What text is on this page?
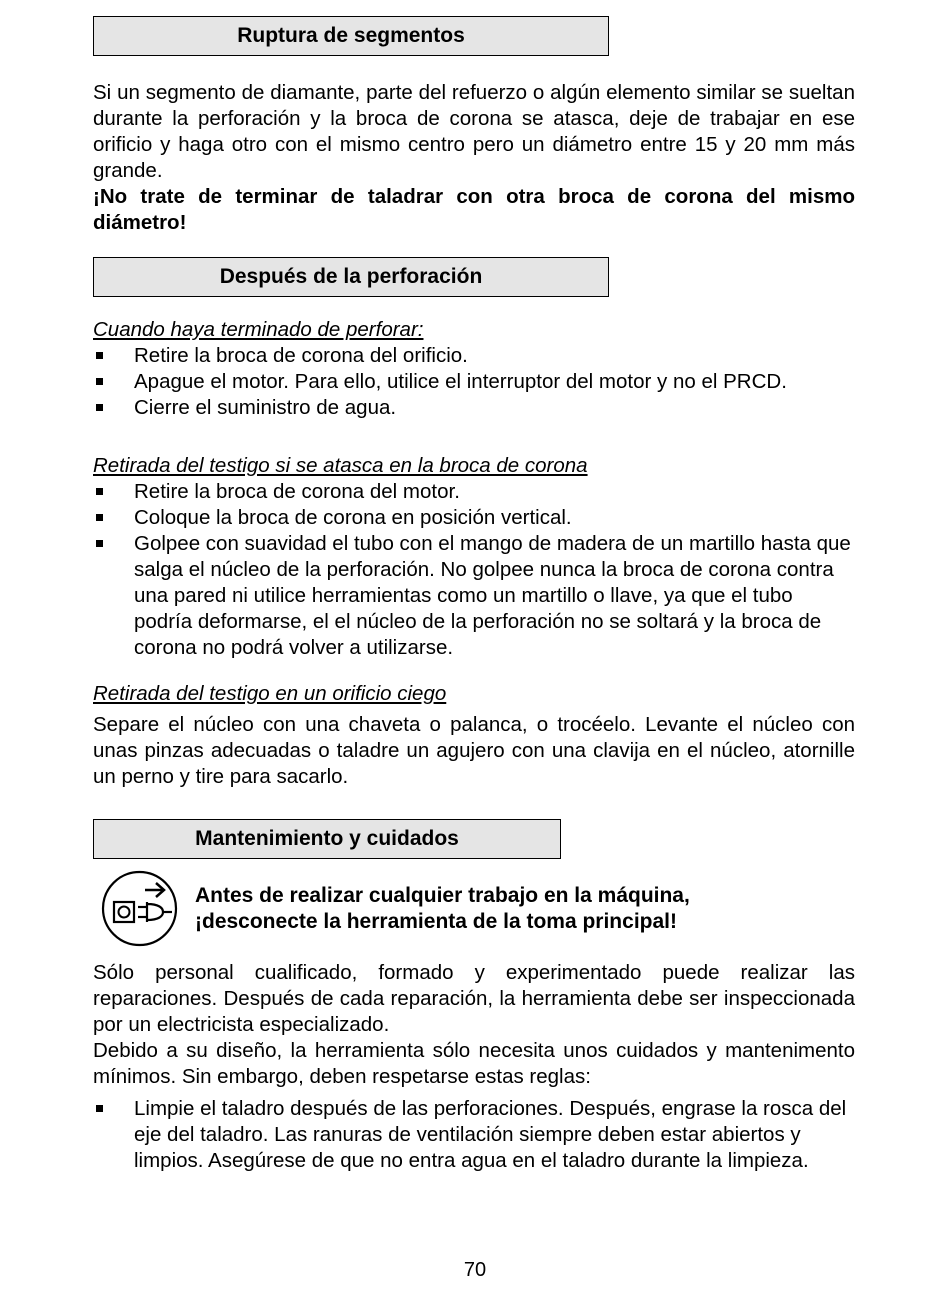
Ruptura de segmentos

Si un segmento de diamante, parte del refuerzo o algún elemento similar se sueltan durante la perforación y la broca de corona se atasca, deje de trabajar en ese orificio y haga otro con el mismo centro pero un diámetro entre 15 y 20 mm más grande.

¡No trate de terminar de taladrar con otra broca de corona del mismo diámetro!

Después de la perforación

Cuando haya terminado de perforar:

Retire la broca de corona del orificio.
Apague el motor. Para ello, utilice el interruptor del motor y no el PRCD.
Cierre el suministro de agua.

Retirada del testigo si se atasca en la broca de corona

Retire la broca de corona del motor.
Coloque la broca de corona en posición vertical.
Golpee con suavidad el tubo con el mango de madera de un martillo hasta que salga el núcleo de la perforación. No golpee nunca la broca de corona contra una pared ni utilice herramientas como un martillo o llave, ya que el tubo podría deformarse, el el núcleo de la perforación no se soltará y la broca de corona no podrá volver a utilizarse.

Retirada del testigo en un orificio ciego

Separe el núcleo con una chaveta o palanca, o trocéelo. Levante el núcleo con unas pinzas adecuadas o taladre un agujero con una clavija en el núcleo, atornille un perno y tire para sacarlo.

Mantenimiento y cuidados
Antes de realizar cualquier trabajo en la máquina,
¡desconecte la herramienta de la toma principal!

Sólo personal cualificado, formado y experimentado puede realizar las reparaciones. Después de cada reparación, la herramienta debe ser inspeccionada por un electricista especializado.

Debido a su diseño, la herramienta sólo necesita unos cuidados y mantenimento mínimos. Sin embargo, deben respetarse estas reglas:

Limpie el taladro después de las perforaciones. Después, engrase la rosca del eje del taladro. Las ranuras de ventilación siempre deben estar abiertos y limpios. Asegúrese de que no entra agua en el taladro durante la limpieza.
70
